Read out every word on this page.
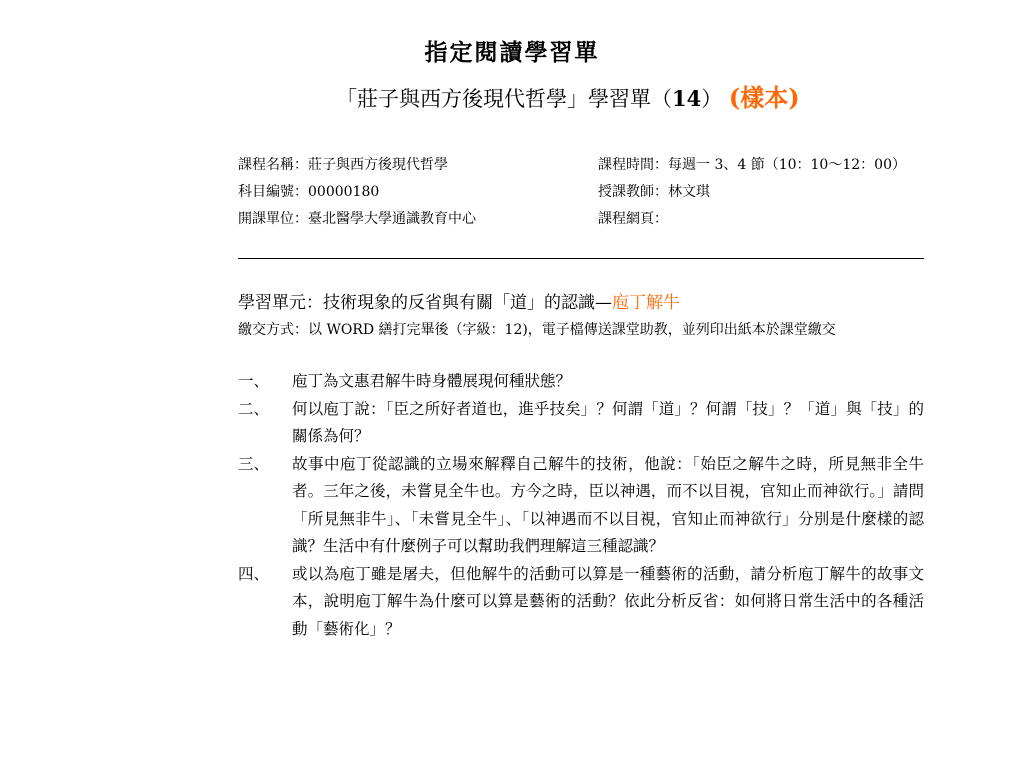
指定閱讀學習單
「莊子與西方後現代哲學」學習單（14） (樣本)
課程名稱：莊子與西方後現代哲學	課程時間：每週一 3、4 節（10：10～12：00）
科目編號：00000180	授課教師：林文琪
開課單位：臺北醫學大學通識教育中心	課程網頁：
學習單元：技術現象的反省與有關「道」的認識—庖丁解牛
繳交方式：以 WORD 繕打完畢後（字級：12)，電子檔傳送課堂助教，並列印出紙本於課堂繳交
一、	庖丁為文惠君解牛時身體展現何種狀態？
二、	何以庖丁說：「臣之所好者道也，進乎技矣」？何謂「道」？何謂「技」？「道」與「技」的關係為何？
三、	故事中庖丁從認識的立場來解釋自己解牛的技術，他說：「始臣之解牛之時，所見無非全牛者。三年之後，未嘗見全牛也。方今之時，臣以神遇，而不以目視，官知止而神欲行。」請問「所見無非牛」、「未嘗見全牛」、「以神遇而不以目視，官知止而神欲行」分別是什麼樣的認識？生活中有什麼例子可以幫助我們理解這三種認識？
四、	或以為庖丁雖是屠夫，但他解牛的活動可以算是一種藝術的活動，請分析庖丁解牛的故事文本，說明庖丁解牛為什麼可以算是藝術的活動？依此分析反省：如何將日常生活中的各種活動「藝術化」？
